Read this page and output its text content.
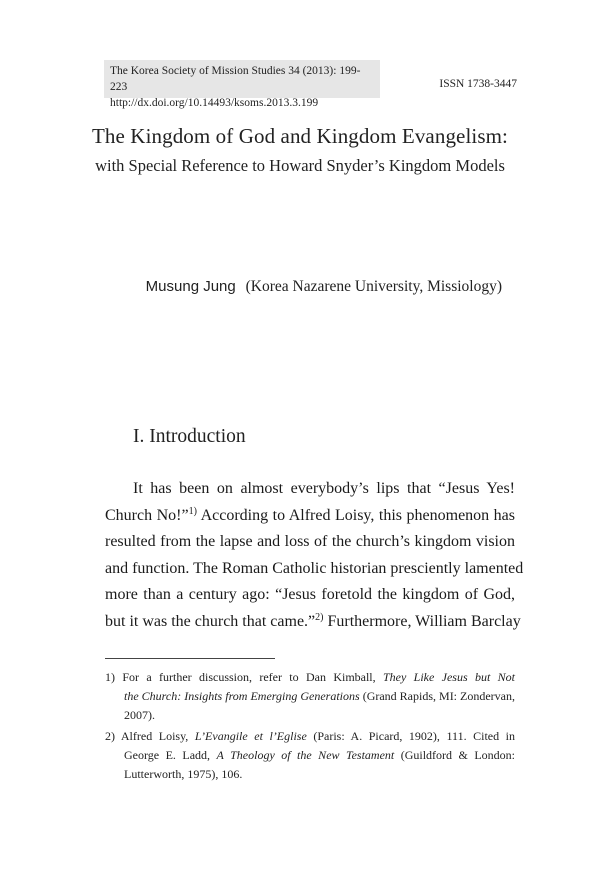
The Korea Society of Mission Studies 34 (2013): 199-223
http://dx.doi.org/10.14493/ksoms.2013.3.199
ISSN 1738-3447
The Kingdom of God and Kingdom Evangelism:
with Special Reference to Howard Snyder’s Kingdom Models
Musung Jung (Korea Nazarene University, Missiology)
I. Introduction
It has been on almost everybody’s lips that “Jesus Yes!
Church No!”$^{1)}$ According to Alfred Loisy, this phenomenon has
resulted from the lapse and loss of the church’s kingdom vision
and function. The Roman Catholic historian presciently lamented
more than a century ago: “Jesus foretold the kingdom of God,
but it was the church that came.”$^{2)}$ Furthermore, William Barclay
1) For a further discussion, refer to Dan Kimball, They Like Jesus but Not
the Church: Insights from Emerging Generations (Grand Rapids, MI: Zondervan,
2007).
2) Alfred Loisy, L’Evangile et l’Eglise (Paris: A. Picard, 1902), 111. Cited in
George E. Ladd, A Theology of the New Testament (Guildford & London:
Lutterworth, 1975), 106.
